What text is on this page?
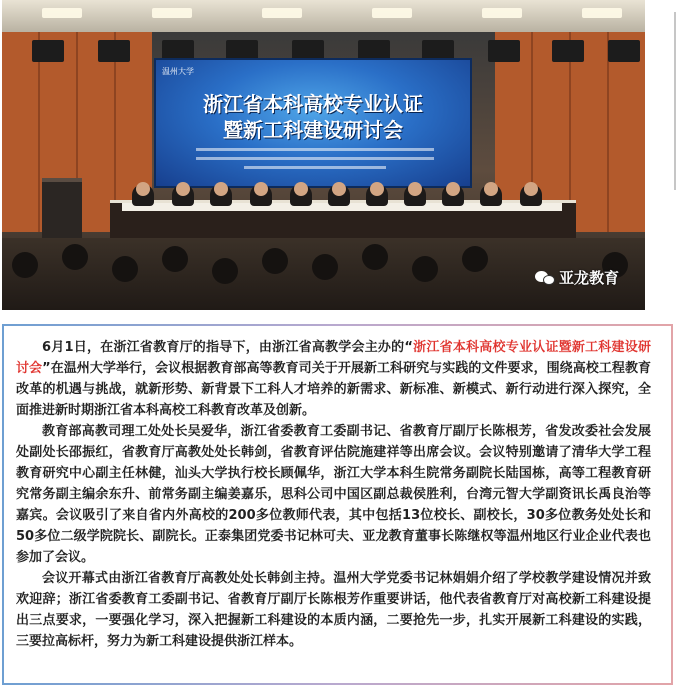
温州大学
浙江省本科高校专业认证
暨新工科建设研讨会
亚龙教育

6月1日，在浙江省教育厅的指导下，由浙江省高教学会主办的“浙江省本科高校专业认证暨新工科建设研讨会”在温州大学举行，会议根据教育部高等教育司关于开展新工科研究与实践的文件要求，围绕高校工程教育改革的机遇与挑战，就新形势、新背景下工科人才培养的新需求、新标准、新模式、新行动进行深入探究，全面推进新时期浙江省本科高校工科教育改革及创新。

教育部高教司理工处处长吴爱华，浙江省委教育工委副书记、省教育厅副厅长陈根芳，省发改委社会发展处副处长邵振红，省教育厅高教处处长韩剑，省教育评估院施建祥等出席会议。会议特别邀请了清华大学工程教育研究中心副主任林健，汕头大学执行校长顾佩华，浙江大学本科生院常务副院长陆国栋，高等工程教育研究常务副主编余东升、前常务副主编姜嘉乐，思科公司中国区副总裁侯胜利，台湾元智大学副资讯长禹良治等嘉宾。会议吸引了来自省内外高校的200多位教师代表，其中包括13位校长、副校长，30多位教务处处长和50多位二级学院院长、副院长。正泰集团党委书记林可夫、亚龙教育董事长陈继权等温州地区行业企业代表也参加了会议。

会议开幕式由浙江省教育厅高教处处长韩剑主持。温州大学党委书记林娟娟介绍了学校教学建设情况并致欢迎辞；浙江省委教育工委副书记、省教育厅副厅长陈根芳作重要讲话，他代表省教育厅对高校新工科建设提出三点要求，一要强化学习，深入把握新工科建设的本质内涵，二要抢先一步，扎实开展新工科建设的实践，三要拉高标杆，努力为新工科建设提供浙江样本。
